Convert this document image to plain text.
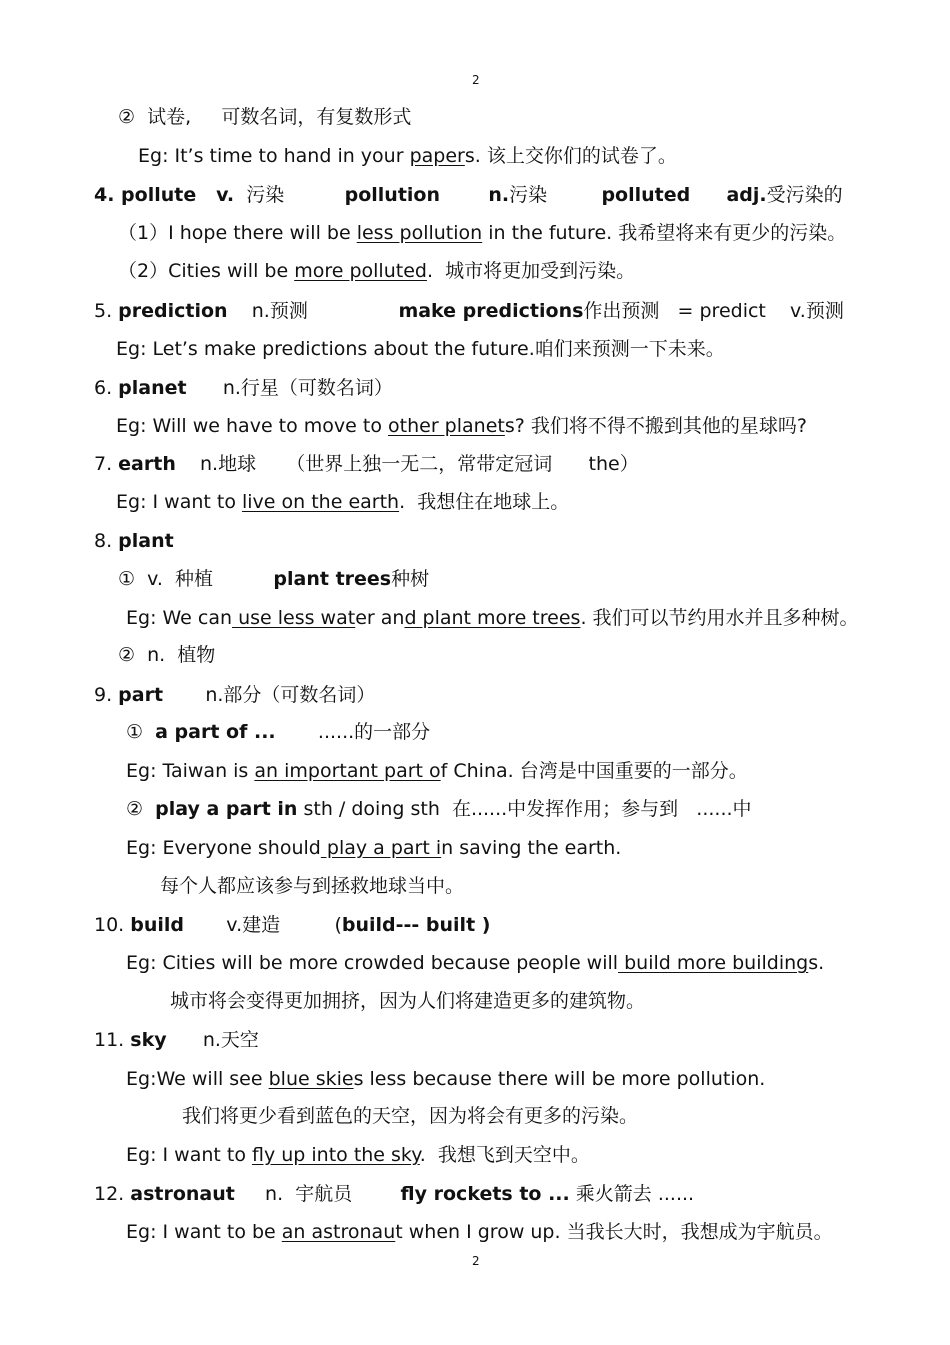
2
②  试卷,     可数名词，有复数形式
Eg: It’s time to hand in your papers. 该上交你们的试卷了。
4. pollute   v.  污染          pollution	n.污染         polluted adj.受污染的
（1）I hope there will be less pollution in the future. 我希望将来有更少的污染。
（2）Cities will be more polluted.  城市将更加受到污染。
5. prediction    n.预测               make predictions作出预测   = predict    v.预测
Eg: Let’s make predictions about the future.咱们来预测一下未来。
6. planet      n.行星（可数名词）
Eg: Will we have to move to other planets? 我们将不得不搬到其他的星球吗?
7. earth    n.地球     （世界上独一无二，常带定冠词      the）
Eg: I want to live on the earth.  我想住在地球上。
8. plant
①  v.  种植          plant trees种树
Eg: We can use less water and plant more trees. 我们可以节约用水并且多种树。
②  n.  植物
9. part       n.部分（可数名词）
①  a part of ...       ......的一部分
Eg: Taiwan is an important part of China. 台湾是中国重要的一部分。
②  play a part in sth / doing sth  在......中发挥作用；参与到   ......中
Eg: Everyone should play a part in saving the earth.
每个人都应该参与到拯救地球当中。
10. build       v.建造         (build--- built )
Eg: Cities will be more crowded because people will build more buildings.
城市将会变得更加拥挤，因为人们将建造更多的建筑物。
11. sky      n.天空
Eg:We will see blue skies less because there will be more pollution.
我们将更少看到蓝色的天空，因为将会有更多的污染。
Eg: I want to fly up into the sky.  我想飞到天空中。
12. astronaut     n.  宇航员        fly rockets to ... 乘火箭去 ......
Eg: I want to be an astronaut when I grow up. 当我长大时，我想成为宇航员。
2
